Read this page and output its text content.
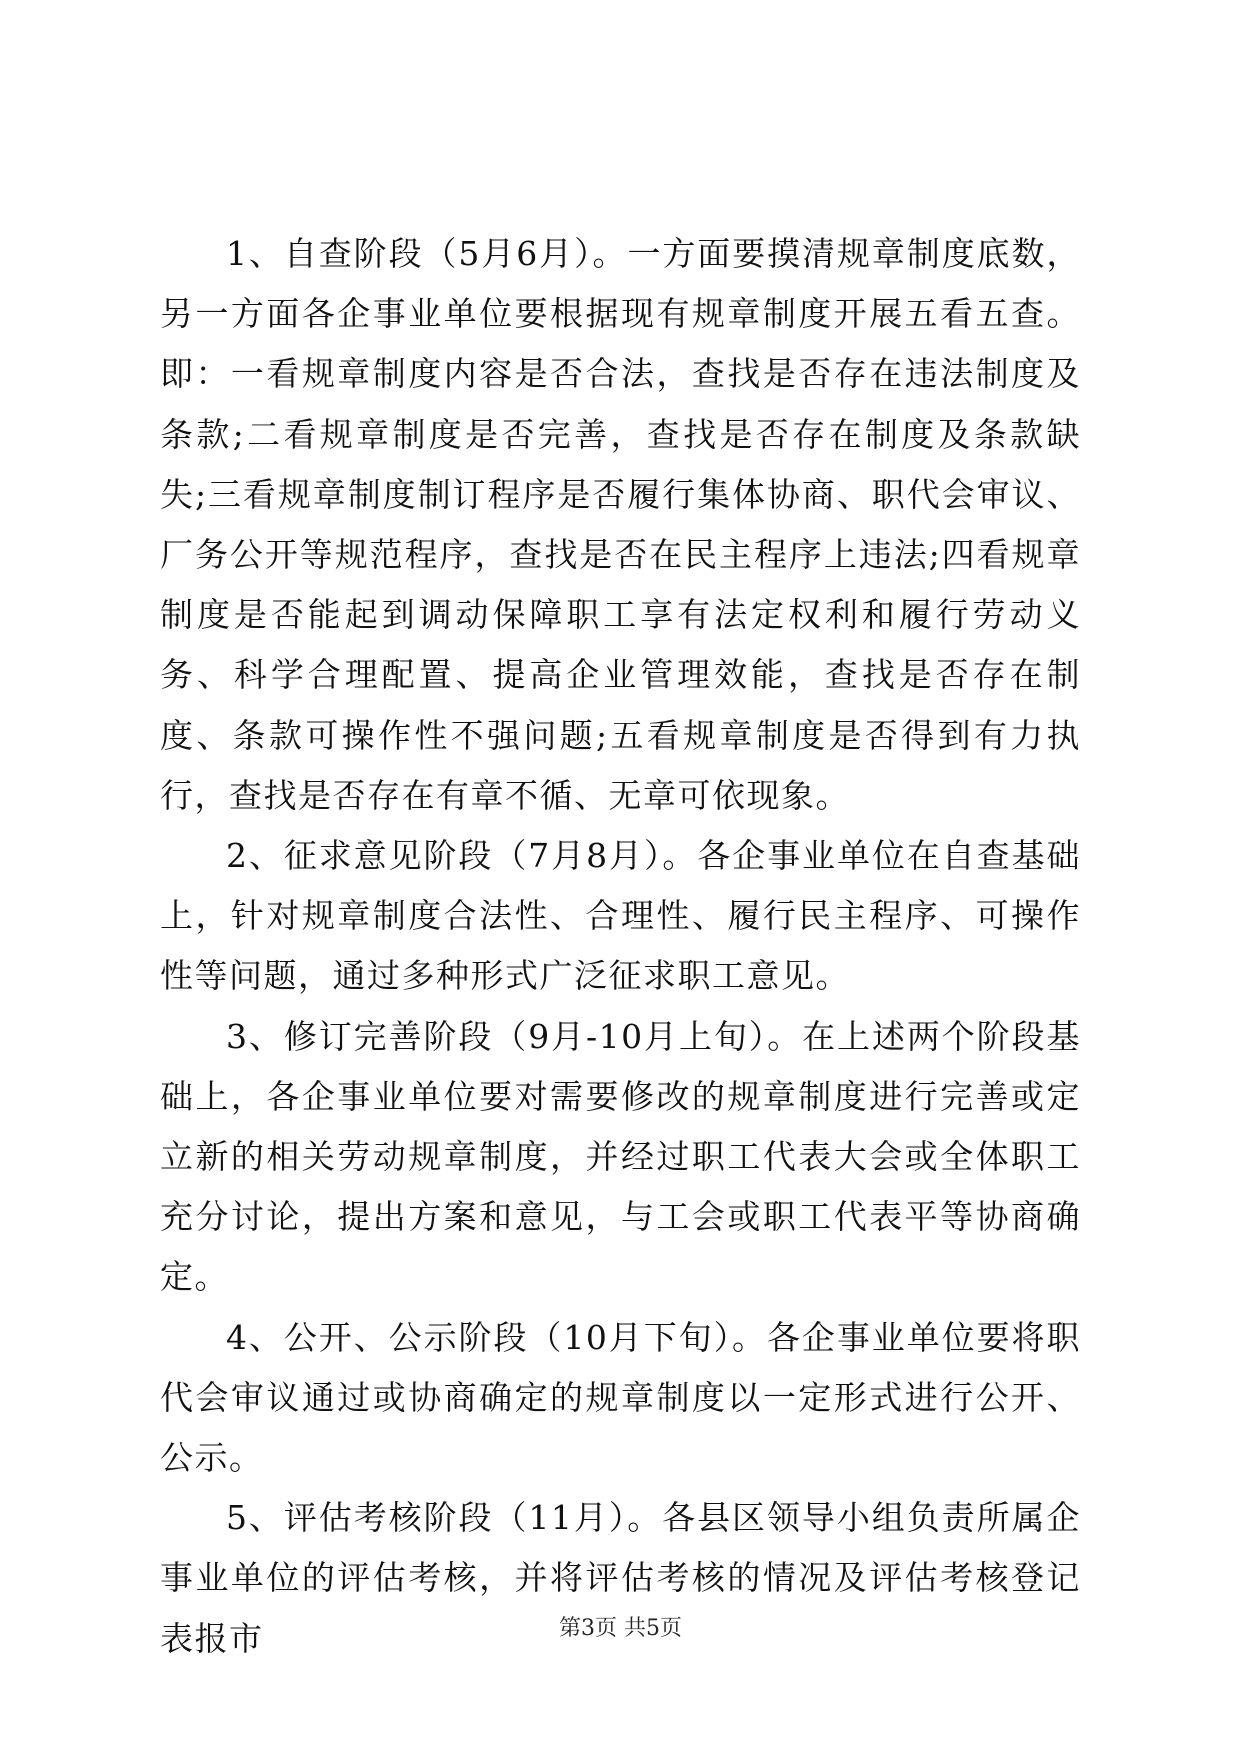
1、自查阶段（5月6月）。一方面要摸清规章制度底数，另一方面各企事业单位要根据现有规章制度开展五看五查。即：一看规章制度内容是否合法，查找是否存在违法制度及条款;二看规章制度是否完善，查找是否存在制度及条款缺失;三看规章制度制订程序是否履行集体协商、职代会审议、厂务公开等规范程序，查找是否在民主程序上违法;四看规章制度是否能起到调动保障职工享有法定权利和履行劳动义务、科学合理配置、提高企业管理效能，查找是否存在制度、条款可操作性不强问题;五看规章制度是否得到有力执行，查找是否存在有章不循、无章可依现象。

2、征求意见阶段（7月8月）。各企事业单位在自查基础上，针对规章制度合法性、合理性、履行民主程序、可操作性等问题，通过多种形式广泛征求职工意见。

3、修订完善阶段（9月-10月上旬）。在上述两个阶段基础上，各企事业单位要对需要修改的规章制度进行完善或定立新的相关劳动规章制度，并经过职工代表大会或全体职工充分讨论，提出方案和意见，与工会或职工代表平等协商确定。

4、公开、公示阶段（10月下旬）。各企事业单位要将职代会审议通过或协商确定的规章制度以一定形式进行公开、公示。

5、评估考核阶段（11月）。各县区领导小组负责所属企事业单位的评估考核，并将评估考核的情况及评估考核登记表报市	第3页 共5页
